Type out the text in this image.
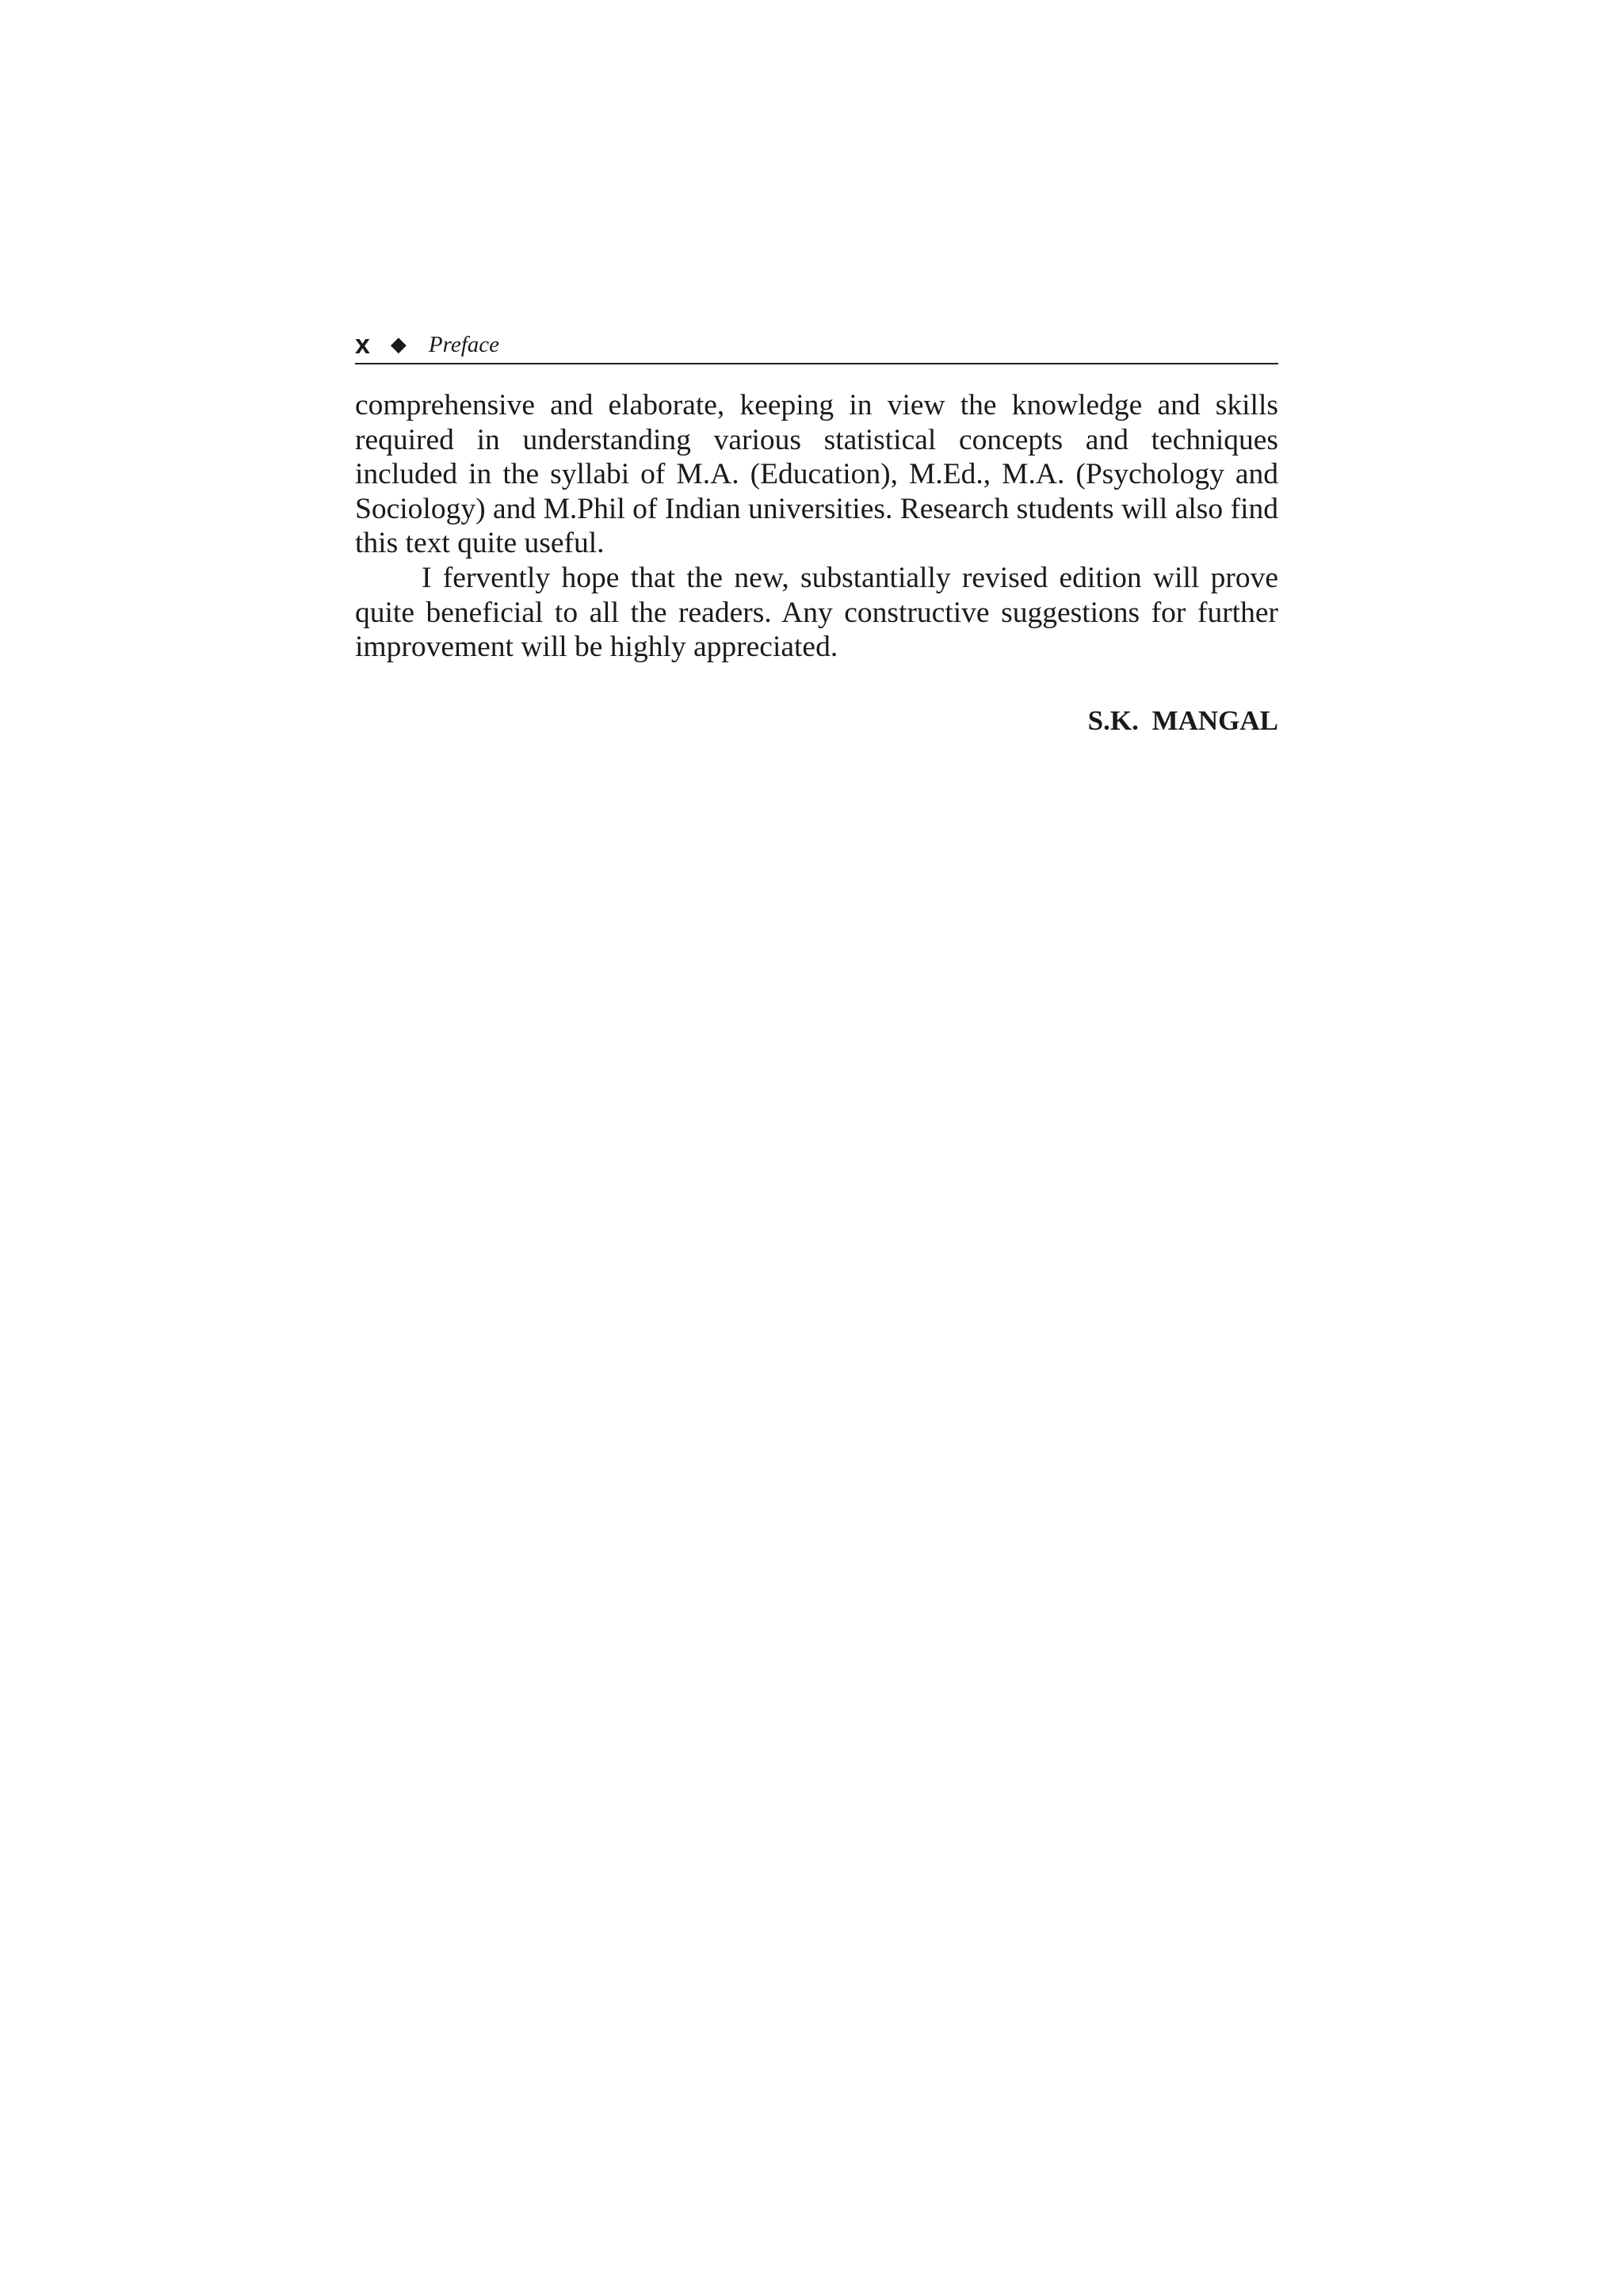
x ◆ Preface

comprehensive and elaborate, keeping in view the knowledge and skills required in understanding various statistical concepts and techniques included in the syllabi of M.A. (Education), M.Ed., M.A. (Psychology and Sociology) and M.Phil of Indian universities. Research students will also find this text quite useful.

I fervently hope that the new, substantially revised edition will prove quite beneficial to all the readers. Any constructive suggestions for further improvement will be highly appreciated.

S.K. MANGAL
